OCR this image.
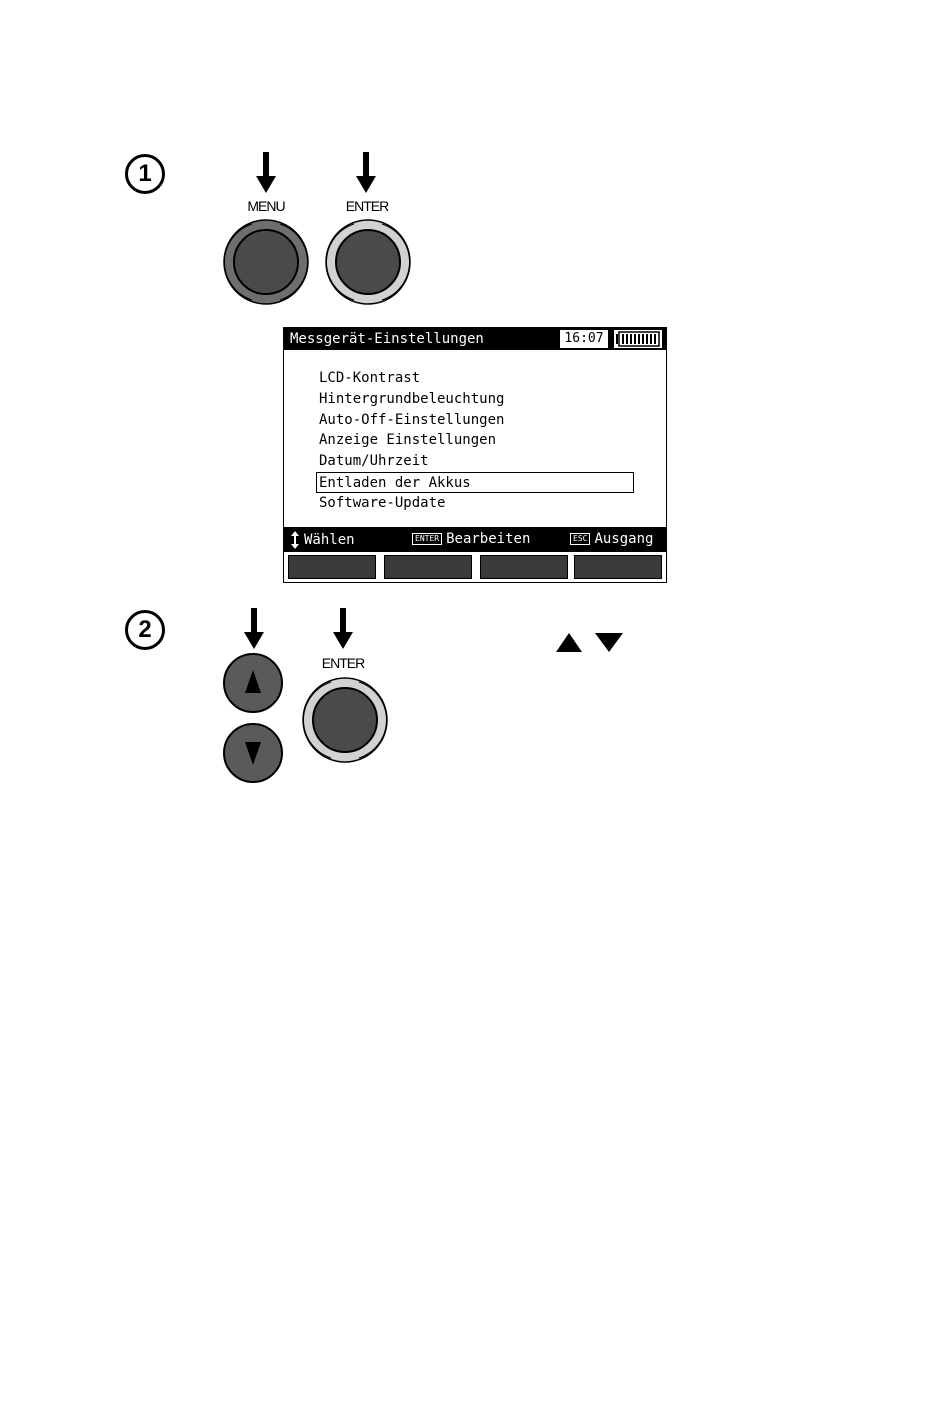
1
MENU	ENTER
Messgerät-Einstellungen	16:07
LCD-Kontrast
Hintergrundbeleuchtung
Auto-Off-Einstellungen
Anzeige Einstellungen
Datum/Uhrzeit
Entladen der Akkus
Software-Update
Wählen	ENTER Bearbeiten	ESC Ausgang
2
ENTER
